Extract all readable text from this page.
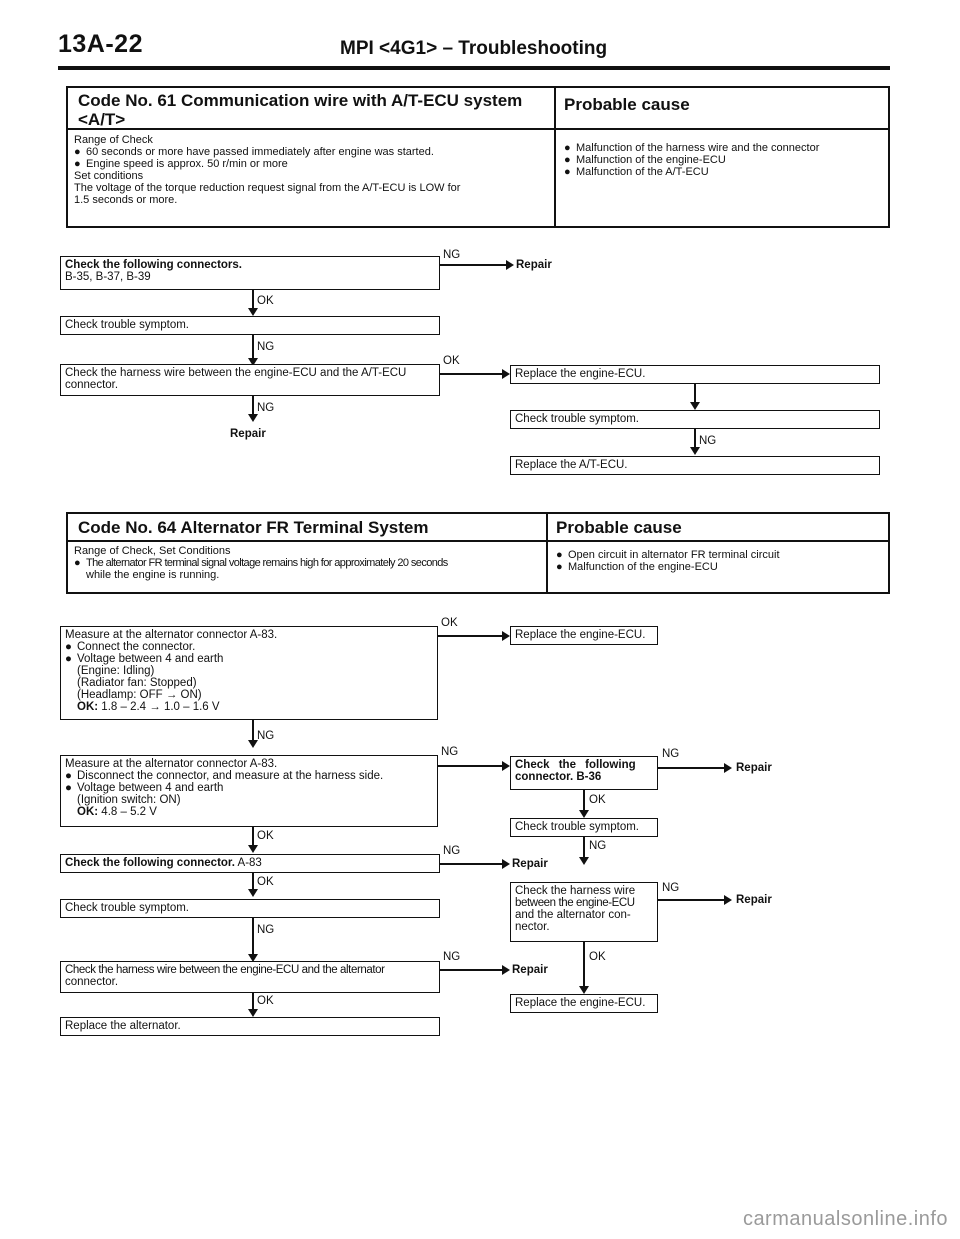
13A-22	MPI <4G1> – Troubleshooting
Code No. 61 Communication wire with A/T-ECU system
<A/T>
Probable cause
Range of Check
● 60 seconds or more have passed immediately after engine was started.
● Engine speed is approx. 50 r/min or more
Set conditions
The voltage of the torque reduction request signal from the A/T-ECU is LOW for
1.5 seconds or more.
● Malfunction of the harness wire and the connector
● Malfunction of the engine-ECU
● Malfunction of the A/T-ECU
Check the following connectors.
B-35, B-37, B-39
NG
Repair
OK
Check trouble symptom.
NG
Check the harness wire between the engine-ECU and the A/T-ECU
connector.
OK
NG
Repair
Replace the engine-ECU.
Check trouble symptom.
NG
Replace the A/T-ECU.
Code No. 64 Alternator FR Terminal System	Probable cause
Range of Check, Set Conditions
● The alternator FR terminal signal voltage remains high for approximately 20 seconds
while the engine is running.
● Open circuit in alternator FR terminal circuit
● Malfunction of the engine-ECU
Measure at the alternator connector A-83.
● Connect the connector.
● Voltage between 4 and earth
(Engine: Idling)
(Radiator fan: Stopped)
(Headlamp: OFF → ON)
OK: 1.8 – 2.4 → 1.0 – 1.6 V
OK
Replace the engine-ECU.
NG
Measure at the alternator connector A-83.
● Disconnect the connector, and measure at the harness side.
● Voltage between 4 and earth
(Ignition switch: ON)
OK: 4.8 – 5.2 V
NG
Check the following
connector. B-36
NG
Repair
OK
Check trouble symptom.
NG
Check the harness wire
between the engine-ECU
and the alternator con-
nector.
NG
Repair
OK
Replace the engine-ECU.
OK
Check the following connector. A-83
NG
Repair
OK
Check trouble symptom.
NG
Check the harness wire between the engine-ECU and the alternator
connector.
NG
Repair
OK
Replace the alternator.
carmanualsonline.info
